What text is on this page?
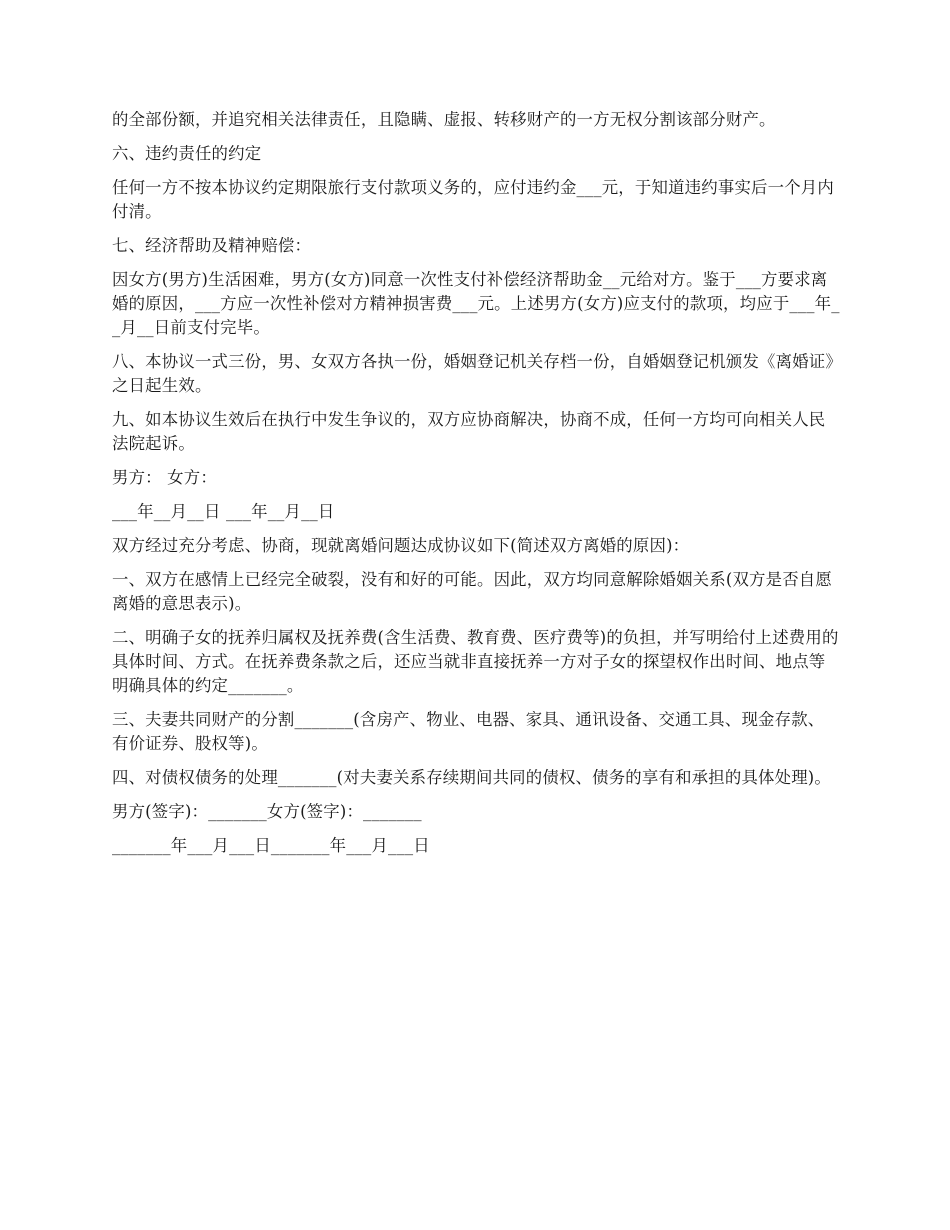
的全部份额，并追究相关法律责任，且隐瞒、虚报、转移财产的一方无权分割该部分财产。

六、违约责任的约定

任何一方不按本协议约定期限旅行支付款项义务的，应付违约金___元，于知道违约事实后一个月内付清。

七、经济帮助及精神赔偿：

因女方(男方)生活困难，男方(女方)同意一次性支付补偿经济帮助金__元给对方。鉴于___方要求离婚的原因，___方应一次性补偿对方精神损害费___元。上述男方(女方)应支付的款项，均应于___年__月__日前支付完毕。

八、本协议一式三份，男、女双方各执一份，婚姻登记机关存档一份，自婚姻登记机颁发《离婚证》之日起生效。

九、如本协议生效后在执行中发生争议的，双方应协商解决，协商不成，任何一方均可向相关人民法院起诉。

男方： 女方：

___年__月__日 ___年__月__日

双方经过充分考虑、协商，现就离婚问题达成协议如下(简述双方离婚的原因)：

一、双方在感情上已经完全破裂，没有和好的可能。因此，双方均同意解除婚姻关系(双方是否自愿离婚的意思表示)。

二、明确子女的抚养归属权及抚养费(含生活费、教育费、医疗费等)的负担，并写明给付上述费用的具体时间、方式。在抚养费条款之后，还应当就非直接抚养一方对子女的探望权作出时间、地点等明确具体的约定_______。

三、夫妻共同财产的分割_______(含房产、物业、电器、家具、通讯设备、交通工具、现金存款、有价证券、股权等)。

四、对债权债务的处理_______(对夫妻关系存续期间共同的债权、债务的享有和承担的具体处理)。

男方(签字)：_______女方(签字)：_______

_______年___月___日_______年___月___日
